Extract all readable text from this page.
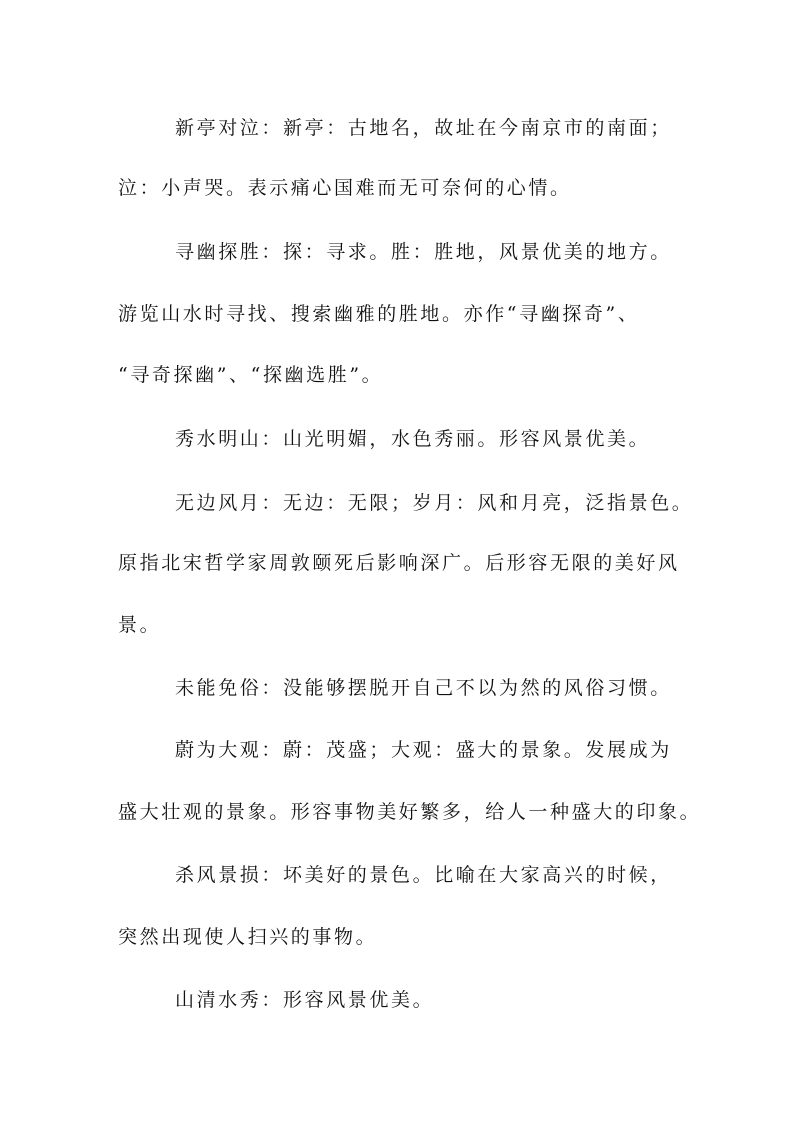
新亭对泣：新亭：古地名，故址在今南京市的南面；
泣：小声哭。表示痛心国难而无可奈何的心情。
寻幽探胜：探：寻求。胜：胜地，风景优美的地方。
游览山水时寻找、搜索幽雅的胜地。亦作“寻幽探奇”、
“寻奇探幽”、“探幽选胜”。
秀水明山：山光明媚，水色秀丽。形容风景优美。
无边风月：无边：无限；岁月：风和月亮，泛指景色。
原指北宋哲学家周敦颐死后影响深广。后形容无限的美好风
景。
未能免俗：没能够摆脱开自己不以为然的风俗习惯。
蔚为大观：蔚：茂盛；大观：盛大的景象。发展成为
盛大壮观的景象。形容事物美好繁多，给人一种盛大的印象。
杀风景损：坏美好的景色。比喻在大家高兴的时候，
突然出现使人扫兴的事物。
山清水秀：形容风景优美。
